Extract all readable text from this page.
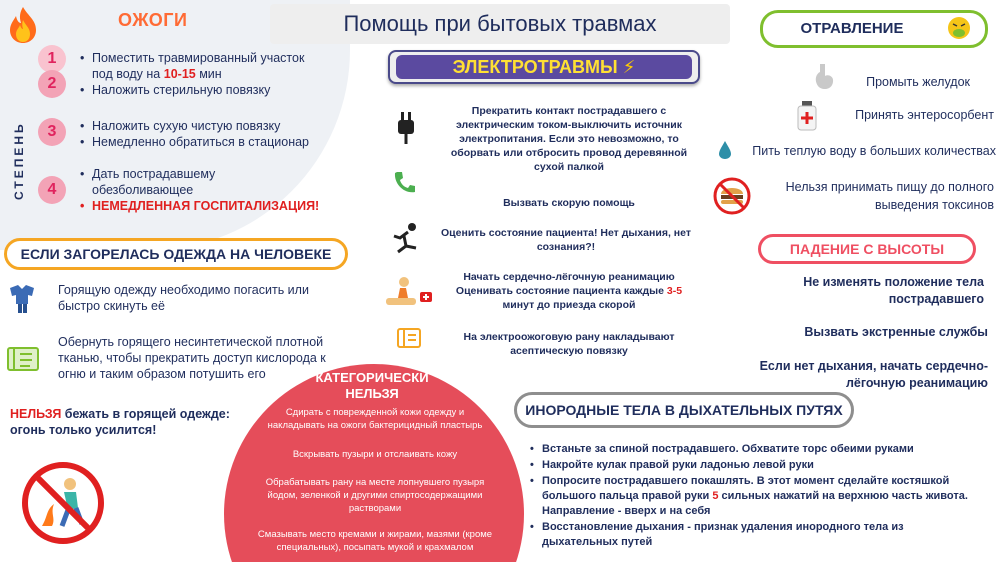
ОЖОГИ
СТЕПЕНЬ
1
2
• Поместить травмированный участок
под воду на 10-15 мин
• Наложить стерильную повязку
3
•	Наложить сухую чистую повязку
• Немедленно обратиться в стационар
4
• Дать пострадавшему
обезболивающее
• НЕМЕДЛЕННАЯ ГОСПИТАЛИЗАЦИЯ!
Помощь при бытовых травмах
ЕСЛИ ЗАГОРЕЛАСЬ ОДЕЖДА НА ЧЕЛОВЕКЕ
Горящую одежду необходимо погасить или быстро скинуть её
Обернуть горящего несинтетической плотной тканью, чтобы прекратить доступ кислорода к огню и таким образом потушить его
НЕЛЬЗЯ бежать в горящей одежде: огонь только усилится!
ЭЛЕКТРОТРАВМЫ ⚡
Прекратить контакт пострадавшего с электрическим током-выключить источник электропитания. Если это невозможно, то оборвать или отбросить провод деревянной сухой палкой
Вызвать скорую помощь
Оценить состояние пациента! Нет дыхания, нет сознания?!
Начать сердечно-лёгочную реанимацию
Оценивать состояние пациента каждые 3-5
минут до приезда скорой
На электроожоговую рану накладывают асептическую повязку
КАТЕГОРИЧЕСКИ НЕЛЬЗЯ
Сдирать с поврежденной кожи одежду и накладывать на ожоги бактерицидный пластырь
Вскрывать пузыри и отслаивать кожу
Обрабатывать рану на месте лопнувшего пузыря йодом, зеленкой и другими спиртосодержащими растворами
Смазывать место кремами и жирами, мазями (кроме специальных), посыпать мукой и крахмалом
ОТРАВЛЕНИЕ
Промыть желудок
Принять энтеросорбент
Пить теплую воду в больших количествах
Нельзя принимать пищу до полного выведения токсинов
ПАДЕНИЕ С ВЫСОТЫ
Не изменять положение тела пострадавшего
Вызвать экстренные службы
Если нет дыхания, начать сердечно-лёгочную реанимацию
ИНОРОДНЫЕ ТЕЛА В ДЫХАТЕЛЬНЫХ ПУТЯХ
• Встаньте за спиной пострадавшего. Обхватите торс обеими руками
• Накройте кулак правой руки ладонью левой руки
• Попросите пострадавшего покашлять. В этот момент сделайте костяшкой большого пальца правой руки 5 сильных нажатий на верхнюю часть живота. Направление - вверх и на себя
• Восстановление дыхания - признак удаления инородного тела из дыхательных путей
